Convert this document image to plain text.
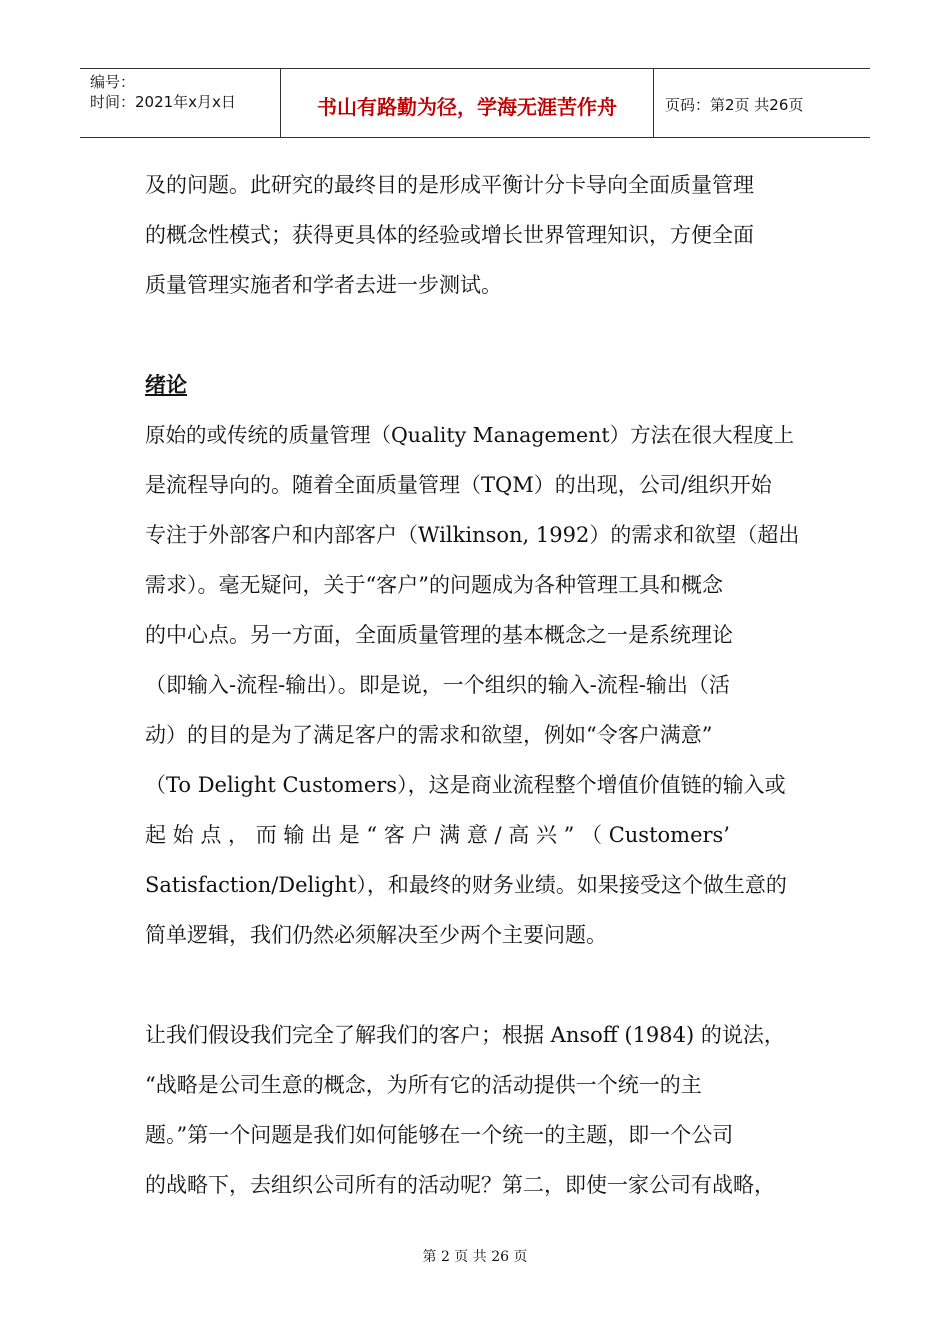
编号：
时间：2021年x月x日	书山有路勤为径，学海无涯苦作舟	页码：第2页 共26页
及的问题。此研究的最终目的是形成平衡计分卡导向全面质量管理
的概念性模式；获得更具体的经验或增长世界管理知识，方便全面
质量管理实施者和学者去进一步测试。
绪论
原始的或传统的质量管理（Quality Management）方法在很大程度上
是流程导向的。随着全面质量管理（TQM）的出现，公司/组织开始
专注于外部客户和内部客户（Wilkinson, 1992）的需求和欲望（超出
需求）。毫无疑问，关于“客户”的问题成为各种管理工具和概念
的中心点。另一方面，全面质量管理的基本概念之一是系统理论
（即输入-流程-输出）。即是说，一个组织的输入-流程-输出（活
动）的目的是为了满足客户的需求和欲望，例如“令客户满意”
（To Delight Customers），这是商业流程整个增值价值链的输入或
起 始 点 ， 而 输 出 是 “ 客 户 满 意 / 高 兴 ” （ Customers’
Satisfaction/Delight），和最终的财务业绩。如果接受这个做生意的
简单逻辑，我们仍然必须解决至少两个主要问题。
让我们假设我们完全了解我们的客户；根据 Ansoff (1984) 的说法，
“战略是公司生意的概念，为所有它的活动提供一个统一的主
题。”第一个问题是我们如何能够在一个统一的主题，即一个公司
的战略下，去组织公司所有的活动呢？第二，即使一家公司有战略，
第 2 页 共 26 页
